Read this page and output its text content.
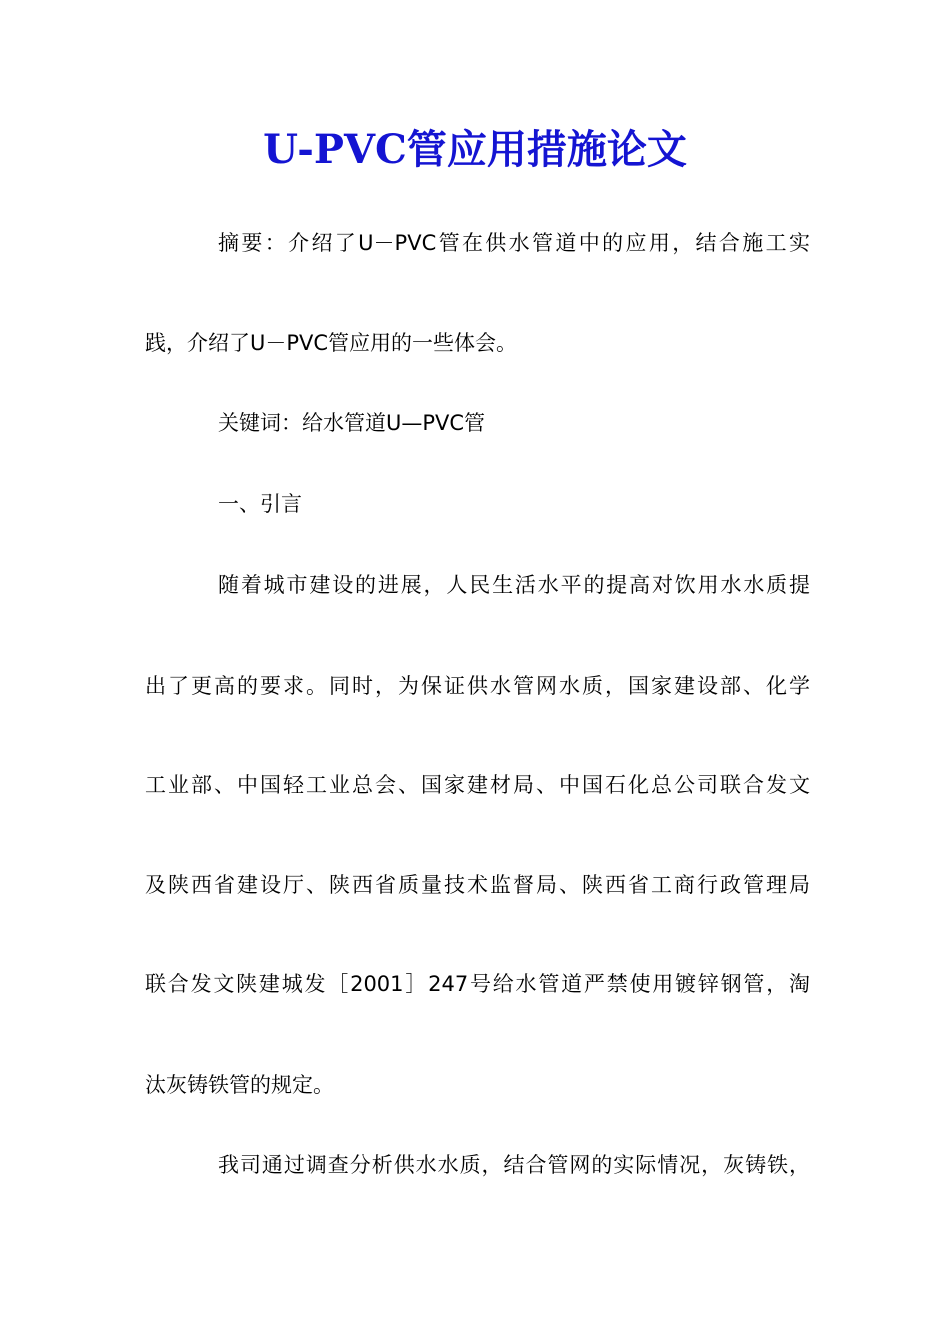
U-PVC管应用措施论文

摘要：介绍了U－PVC管在供水管道中的应用，结合施工实

践，介绍了U－PVC管应用的一些体会。

关键词：给水管道U—PVC管

一、引言

随着城市建设的进展，人民生活水平的提高对饮用水水质提

出了更高的要求。同时，为保证供水管网水质，国家建设部、化学

工业部、中国轻工业总会、国家建材局、中国石化总公司联合发文

及陕西省建设厅、陕西省质量技术监督局、陕西省工商行政管理局

联合发文陕建城发［2001］247号给水管道严禁使用镀锌钢管，淘

汰灰铸铁管的规定。

我司通过调查分析供水水质，结合管网的实际情况，灰铸铁，
